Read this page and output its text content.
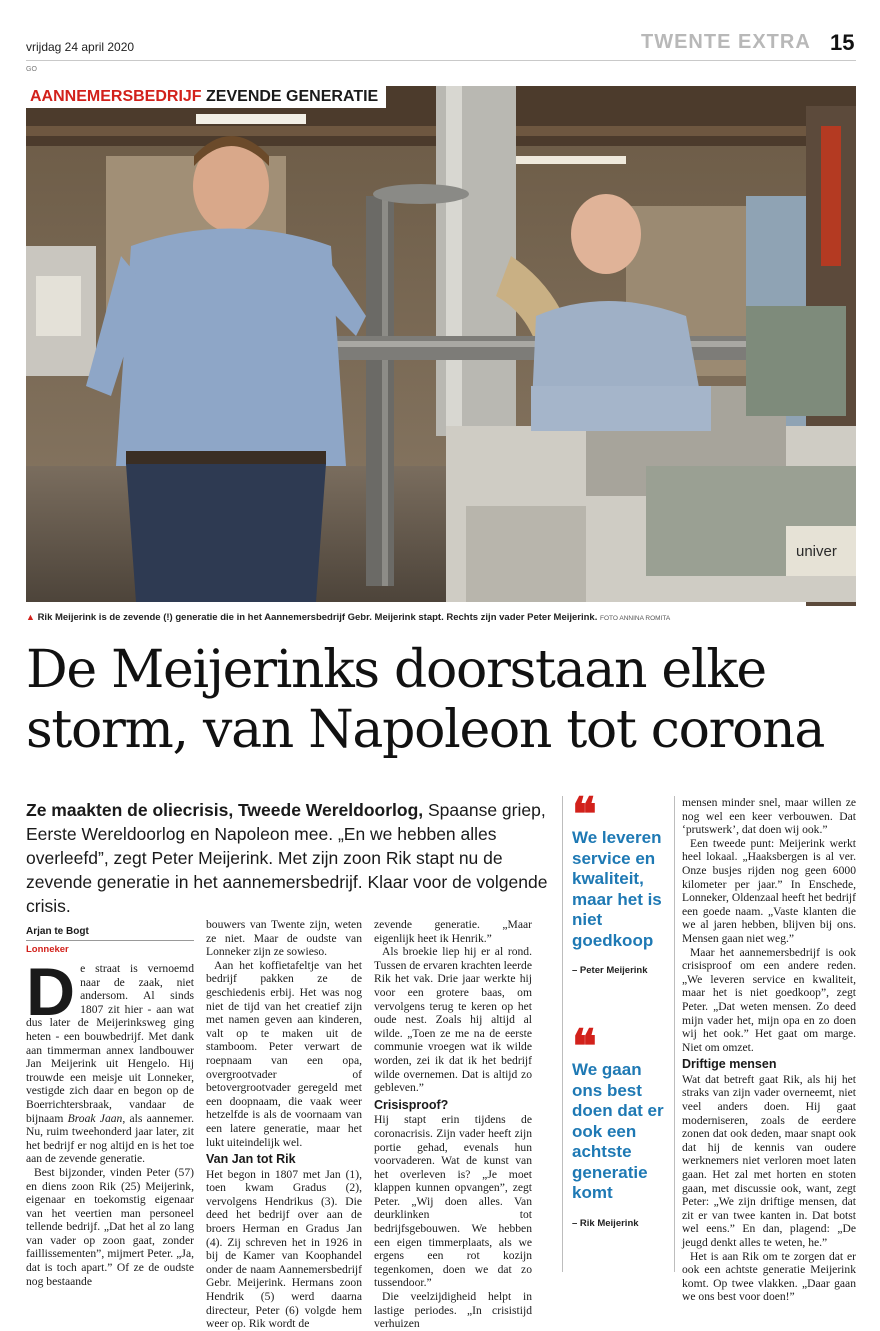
vrijdag 24 april 2020
GO
TWENTE EXTRA 15
univer
AANNEMERSBEDRIJF ZEVENDE GENERATIE
▲ Rik Meijerink is de zevende (!) generatie die in het Aannemersbedrijf Gebr. Meijerink stapt. Rechts zijn vader Peter Meijerink. FOTO ANNINA ROMITA
De Meijerinks doorstaan elke storm, van Napoleon tot corona
Ze maakten de oliecrisis, Tweede Wereldoorlog, Spaanse griep, Eerste Wereldoorlog en Napoleon mee. „En we hebben alles overleefd”, zegt Peter Meijerink. Met zijn zoon Rik stapt nu de zevende generatie in het aannemersbedrijf. Klaar voor de volgende crisis.
Arjan te Bogt
Lonneker

De straat is vernoemd naar de zaak, niet andersom. Al sinds 1807 zit hier - aan wat dus later de Meijerinksweg ging heten - een bouwbedrijf. Met dank aan timmerman annex landbouwer Jan Meijerink uit Hengelo. Hij trouwde een meisje uit Lonneker, vestigde zich daar en begon op de Boerrichtersbraak, vandaar de bijnaam Broak Jaan, als aannemer. Nu, ruim tweehonderd jaar later, zit het bedrijf er nog altijd en is het toe aan de zevende generatie.

Best bijzonder, vinden Peter (57) en diens zoon Rik (25) Meijerink, eigenaar en toekomstig eigenaar van het veertien man personeel tellende bedrijf. „Dat het al zo lang van vader op zoon gaat, zonder faillissementen”, mijmert Peter. „Ja, dat is toch apart.” Of ze de oudste nog bestaande

bouwers van Twente zijn, weten ze niet. Maar de oudste van Lonneker zijn ze sowieso.

Aan het koffietafeltje van het bedrijf pakken ze de geschiedenis erbij. Het was nog niet de tijd van het creatief zijn met namen geven aan kinderen, valt op te maken uit de stamboom. Peter verwart de roepnaam van een opa, overgrootvader of betovergrootvader geregeld met een doopnaam, die vaak weer hetzelfde is als de voornaam van een latere generatie, maar het lukt uiteindelijk wel.

Van Jan tot Rik

Het begon in 1807 met Jan (1), toen kwam Gradus (2), vervolgens Hendrikus (3). Die deed het bedrijf over aan de broers Herman en Gradus Jan (4). Zij schreven het in 1926 in bij de Kamer van Koophandel onder de naam Aannemersbedrijf Gebr. Meijerink. Hermans zoon Hendrik (5) werd daarna directeur, Peter (6) volgde hem weer op. Rik wordt de

zevende generatie. „Maar eigenlijk heet ik Henrik.”

Als broekie liep hij er al rond. Tussen de ervaren krachten leerde Rik het vak. Drie jaar werkte hij voor een grotere baas, om vervolgens terug te keren op het oude nest. Zoals hij altijd al wilde. „Toen ze me na de eerste communie vroegen wat ik wilde worden, zei ik dat ik het bedrijf wilde overnemen. Dat is altijd zo gebleven.”

Crisisproof?

Hij stapt erin tijdens de coronacrisis. Zijn vader heeft zijn portie gehad, evenals hun voorvaderen. Wat de kunst van het overleven is? „Je moet klappen kunnen opvangen”, zegt Peter. „Wij doen alles. Van deurklinken tot bedrijfsgebouwen. We hebben een eigen timmerplaats, als we ergens een rot kozijn tegenkomen, doen we dat zo tussendoor.”

Die veelzijdigheid helpt in lastige periodes. „In crisistijd verhuizen

❝
We leveren service en kwaliteit, maar het is niet goedkoop
– Peter Meijerink
❝
We gaan ons best doen dat er ook een achtste generatie komt
– Rik Meijerink

mensen minder snel, maar willen ze nog wel een keer verbouwen. Dat ‘prutswerk’, dat doen wij ook.”

Een tweede punt: Meijerink werkt heel lokaal. „Haaksbergen is al ver. Onze busjes rijden nog geen 6000 kilometer per jaar.” In Enschede, Lonneker, Oldenzaal heeft het bedrijf een goede naam. „Vaste klanten die we al jaren hebben, blijven bij ons. Mensen gaan niet weg.”

Maar het aannemersbedrijf is ook crisisproof om een andere reden. „We leveren service en kwaliteit, maar het is niet goedkoop”, zegt Peter. „Dat weten mensen. Zo deed mijn vader het, mijn opa en zo doen wij het ook.” Het gaat om marge. Niet om omzet.

Driftige mensen

Wat dat betreft gaat Rik, als hij het straks van zijn vader overneemt, niet veel anders doen. Hij gaat moderniseren, zoals de eerdere zonen dat ook deden, maar snapt ook dat hij de kennis van oudere werknemers niet verloren moet laten gaan. Het zal met horten en stoten gaan, met discussie ook, want, zegt Peter: „We zijn driftige mensen, dat zit er van twee kanten in. Dat botst wel eens.” En dan, plagend: „De jeugd denkt alles te weten, he.”

Het is aan Rik om te zorgen dat er ook een achtste generatie Meijerink komt. Op twee vlakken. „Daar gaan we ons best voor doen!”
